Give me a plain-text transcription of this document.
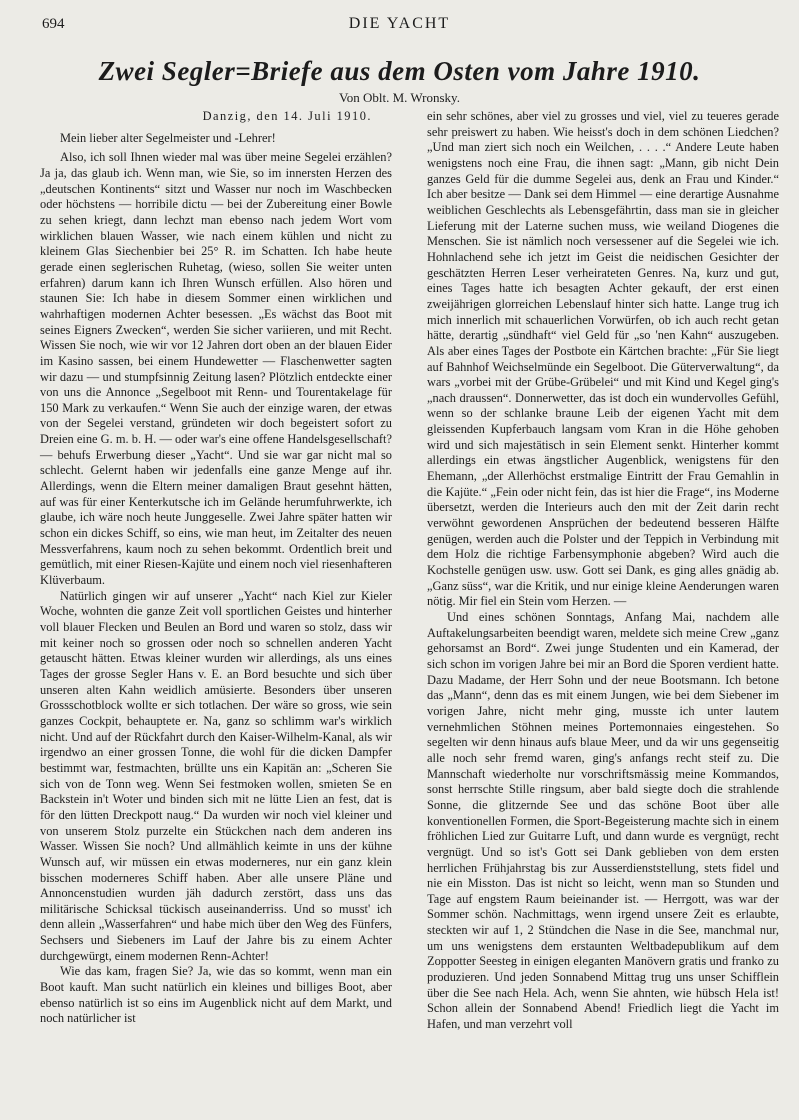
694	DIE YACHT
Zwei Segler=Briefe aus dem Osten vom Jahre 1910.
Von Oblt. M. Wronsky.

Danzig, den 14. Juli 1910.

Mein lieber alter Segelmeister und -Lehrer!

Also, ich soll Ihnen wieder mal was über meine Segelei erzählen? Ja ja, das glaub ich. Wenn man, wie Sie, so im innersten Herzen des „deutschen Kontinents“ sitzt und Wasser nur noch im Waschbecken oder höchstens — horribile dictu — bei der Zubereitung einer Bowle zu sehen kriegt, dann lechzt man ebenso nach jedem Wort vom wirklichen blauen Wasser, wie nach einem kühlen und nicht zu kleinem Glas Siechenbier bei 25° R. im Schatten. Ich habe heute gerade einen seglerischen Ruhetag, (wieso, sollen Sie weiter unten erfahren) darum kann ich Ihren Wunsch erfüllen. Also hören und staunen Sie: Ich habe in diesem Sommer einen wirklichen und wahrhaftigen modernen Achter besessen. „Es wächst das Boot mit seines Eigners Zwecken“, werden Sie sicher variieren, und mit Recht. Wissen Sie noch, wie wir vor 12 Jahren dort oben an der blauen Eider im Kasino sassen, bei einem Hundewetter — Flaschenwetter sagten wir dazu — und stumpfsinnig Zeitung lasen? Plötzlich entdeckte einer von uns die Annonce „Segelboot mit Renn- und Tourentakelage für 150 Mark zu verkaufen.“ Wenn Sie auch der einzige waren, der etwas von der Segelei verstand, gründeten wir doch begeistert sofort zu Dreien eine G. m. b. H. — oder war's eine offene Handelsgesellschaft? — behufs Erwerbung dieser „Yacht“. Und sie war gar nicht mal so schlecht. Gelernt haben wir jedenfalls eine ganze Menge auf ihr. Allerdings, wenn die Eltern meiner damaligen Braut gesehnt hätten, auf was für einer Kenterkutsche ich im Gelände herumfuhrwerkte, ich glaube, ich wäre noch heute Junggeselle. Zwei Jahre später hatten wir schon ein dickes Schiff, so eins, wie man heut, im Zeitalter des neuen Messverfahrens, kaum noch zu sehen bekommt. Ordentlich breit und gemütlich, mit einer Riesen-Kajüte und einem noch viel riesenhafteren Klüverbaum.

Natürlich gingen wir auf unserer „Yacht“ nach Kiel zur Kieler Woche, wohnten die ganze Zeit voll sportlichen Geistes und hinterher voll blauer Flecken und Beulen an Bord und waren so stolz, dass wir mit keiner noch so grossen oder noch so schnellen anderen Yacht getauscht hätten. Etwas kleiner wurden wir allerdings, als uns eines Tages der grosse Segler Hans v. E. an Bord besuchte und sich über unseren alten Kahn weidlich amüsierte. Besonders über unseren Grossschotblock wollte er sich totlachen. Der wäre so gross, wie sein ganzes Cockpit, behauptete er. Na, ganz so schlimm war's wirklich nicht. Und auf der Rückfahrt durch den Kaiser-Wilhelm-Kanal, als wir irgendwo an einer grossen Tonne, die wohl für die dicken Dampfer bestimmt war, festmachten, brüllte uns ein Kapitän an: „Scheren Sie sich von de Tonn weg. Wenn Sei festmoken wollen, smieten Se en Backstein in't Woter und binden sich mit ne lütte Lien an fest, dat is för den lütten Dreckpott naug.“ Da wurden wir noch viel kleiner und von unserem Stolz purzelte ein Stückchen nach dem anderen ins Wasser. Wissen Sie noch? Und allmählich keimte in uns der kühne Wunsch auf, wir müssen ein etwas moderneres, nur ein ganz klein bisschen moderneres Schiff haben. Aber alle unsere Pläne und Annoncenstudien wurden jäh dadurch zerstört, dass uns das militärische Schicksal tückisch auseinanderriss. Und so musst' ich denn allein „Wasserfahren“ und habe mich über den Weg des Fünfers, Sechsers und Siebeners im Lauf der Jahre bis zu einem Achter durchgewürgt, einem modernen Renn-Achter!

Wie das kam, fragen Sie? Ja, wie das so kommt, wenn man ein Boot kauft. Man sucht natürlich ein kleines und billiges Boot, aber ebenso natürlich ist so eins im Augenblick nicht auf dem Markt, und noch natürlicher ist

ein sehr schönes, aber viel zu grosses und viel, viel zu teueres gerade sehr preiswert zu haben. Wie heisst's doch in dem schönen Liedchen? „Und man ziert sich noch ein Weilchen, . . . .“ Andere Leute haben wenigstens noch eine Frau, die ihnen sagt: „Mann, gib nicht Dein ganzes Geld für die dumme Segelei aus, denk an Frau und Kinder.“ Ich aber besitze — Dank sei dem Himmel — eine derartige Ausnahme weiblichen Geschlechts als Lebensgefährtin, dass man sie in gleicher Lieferung mit der Laterne suchen muss, wie weiland Diogenes die Menschen. Sie ist nämlich noch versessener auf die Segelei wie ich. Hohnlachend sehe ich jetzt im Geist die neidischen Gesichter der geschätzten Herren Leser verheirateten Genres. Na, kurz und gut, eines Tages hatte ich besagten Achter gekauft, der erst einen zweijährigen glorreichen Lebenslauf hinter sich hatte. Lange trug ich mich innerlich mit schauerlichen Vorwürfen, ob ich auch recht getan hätte, derartig „sündhaft“ viel Geld für „so 'nen Kahn“ auszugeben. Als aber eines Tages der Postbote ein Kärtchen brachte: „Für Sie liegt auf Bahnhof Weichselmünde ein Segelboot. Die Güterverwaltung“, da wars „vorbei mit der Grübe-Grübelei“ und mit Kind und Kegel ging's „nach draussen“. Donnerwetter, das ist doch ein wundervolles Gefühl, wenn so der schlanke braune Leib der eigenen Yacht mit dem gleissenden Kupferbauch langsam vom Kran in die Höhe gehoben wird und sich majestätisch in sein Element senkt. Hinterher kommt allerdings ein etwas ängstlicher Augenblick, wenigstens für den Ehemann, „der Allerhöchst erstmalige Eintritt der Frau Gemahlin in die Kajüte.“ „Fein oder nicht fein, das ist hier die Frage“, ins Moderne übersetzt, werden die Interieurs auch den mit der Zeit darin recht verwöhnt gewordenen Ansprüchen der bedeutend besseren Hälfte genügen, werden auch die Polster und der Teppich in Verbindung mit dem Holz die richtige Farbensymphonie abgeben? Wird auch die Kochstelle genügen usw. usw. Gott sei Dank, es ging alles gnädig ab. „Ganz süss“, war die Kritik, und nur einige kleine Aenderungen waren nötig. Mir fiel ein Stein vom Herzen. —

Und eines schönen Sonntags, Anfang Mai, nachdem alle Auftakelungsarbeiten beendigt waren, meldete sich meine Crew „ganz gehorsamst an Bord“. Zwei junge Studenten und ein Kamerad, der sich schon im vorigen Jahre bei mir an Bord die Sporen verdient hatte. Dazu Madame, der Herr Sohn und der neue Bootsmann. Ich betone das „Mann“, denn das es mit einem Jungen, wie bei dem Siebener im vorigen Jahre, nicht mehr ging, musste ich unter lautem vernehmlichen Stöhnen meines Portemonnaies eingestehen. So segelten wir denn hinaus aufs blaue Meer, und da wir uns gegenseitig alle noch sehr fremd waren, ging's anfangs recht steif zu. Die Mannschaft wiederholte nur vorschriftsmässig meine Kommandos, sonst herrschte Stille ringsum, aber bald siegte doch die strahlende Sonne, die glitzernde See und das schöne Boot über alle konventionellen Formen, die Sport-Begeisterung machte sich in einem fröhlichen Lied zur Guitarre Luft, und dann wurde es vergnügt, recht vergnügt. Und so ist's Gott sei Dank geblieben von dem ersten herrlichen Frühjahrstag bis zur Ausserdienststellung, stets fidel und nie ein Misston. Das ist nicht so leicht, wenn man so Stunden und Tage auf engstem Raum beieinander ist. — Herrgott, was war der Sommer schön. Nachmittags, wenn irgend unsere Zeit es erlaubte, steckten wir auf 1, 2 Stündchen die Nase in die See, manchmal nur, um uns wenigstens dem erstaunten Weltbadepublikum auf dem Zoppotter Seesteg in einigen eleganten Manövern gratis und franko zu produzieren. Und jeden Sonnabend Mittag trug uns unser Schifflein über die See nach Hela. Ach, wenn Sie ahnten, wie hübsch Hela ist! Schon allein der Sonnabend Abend! Friedlich liegt die Yacht im Hafen, und man verzehrt voll
